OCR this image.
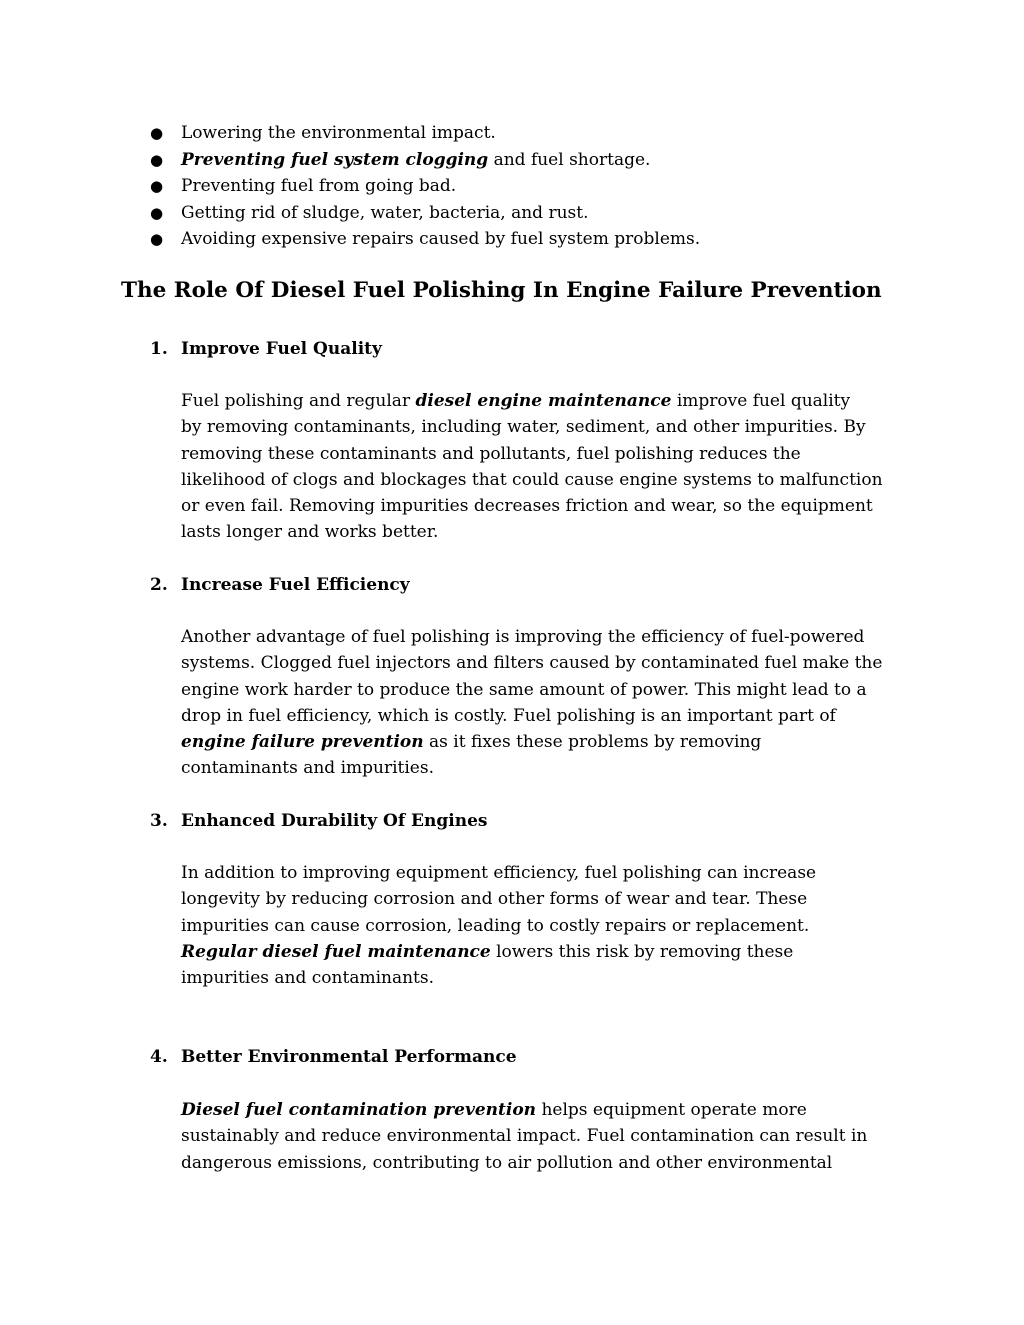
● Lowering the environmental impact.
● Preventing fuel system clogging and fuel shortage.
● Preventing fuel from going bad.
● Getting rid of sludge, water, bacteria, and rust.
● Avoiding expensive repairs caused by fuel system problems.
The Role Of Diesel Fuel Polishing In Engine Failure Prevention
1. Improve Fuel Quality
Fuel polishing and regular diesel engine maintenance improve fuel quality
by removing contaminants, including water, sediment, and other impurities. By
removing these contaminants and pollutants, fuel polishing reduces the
likelihood of clogs and blockages that could cause engine systems to malfunction
or even fail. Removing impurities decreases friction and wear, so the equipment
lasts longer and works better.
2. Increase Fuel Efficiency
Another advantage of fuel polishing is improving the efficiency of fuel-powered
systems. Clogged fuel injectors and filters caused by contaminated fuel make the
engine work harder to produce the same amount of power. This might lead to a
drop in fuel efficiency, which is costly. Fuel polishing is an important part of
engine failure prevention as it fixes these problems by removing
contaminants and impurities.
3. Enhanced Durability Of Engines
In addition to improving equipment efficiency, fuel polishing can increase
longevity by reducing corrosion and other forms of wear and tear. These
impurities can cause corrosion, leading to costly repairs or replacement.
Regular diesel fuel maintenance lowers this risk by removing these
impurities and contaminants.
4. Better Environmental Performance
Diesel fuel contamination prevention helps equipment operate more
sustainably and reduce environmental impact. Fuel contamination can result in
dangerous emissions, contributing to air pollution and other environmental
